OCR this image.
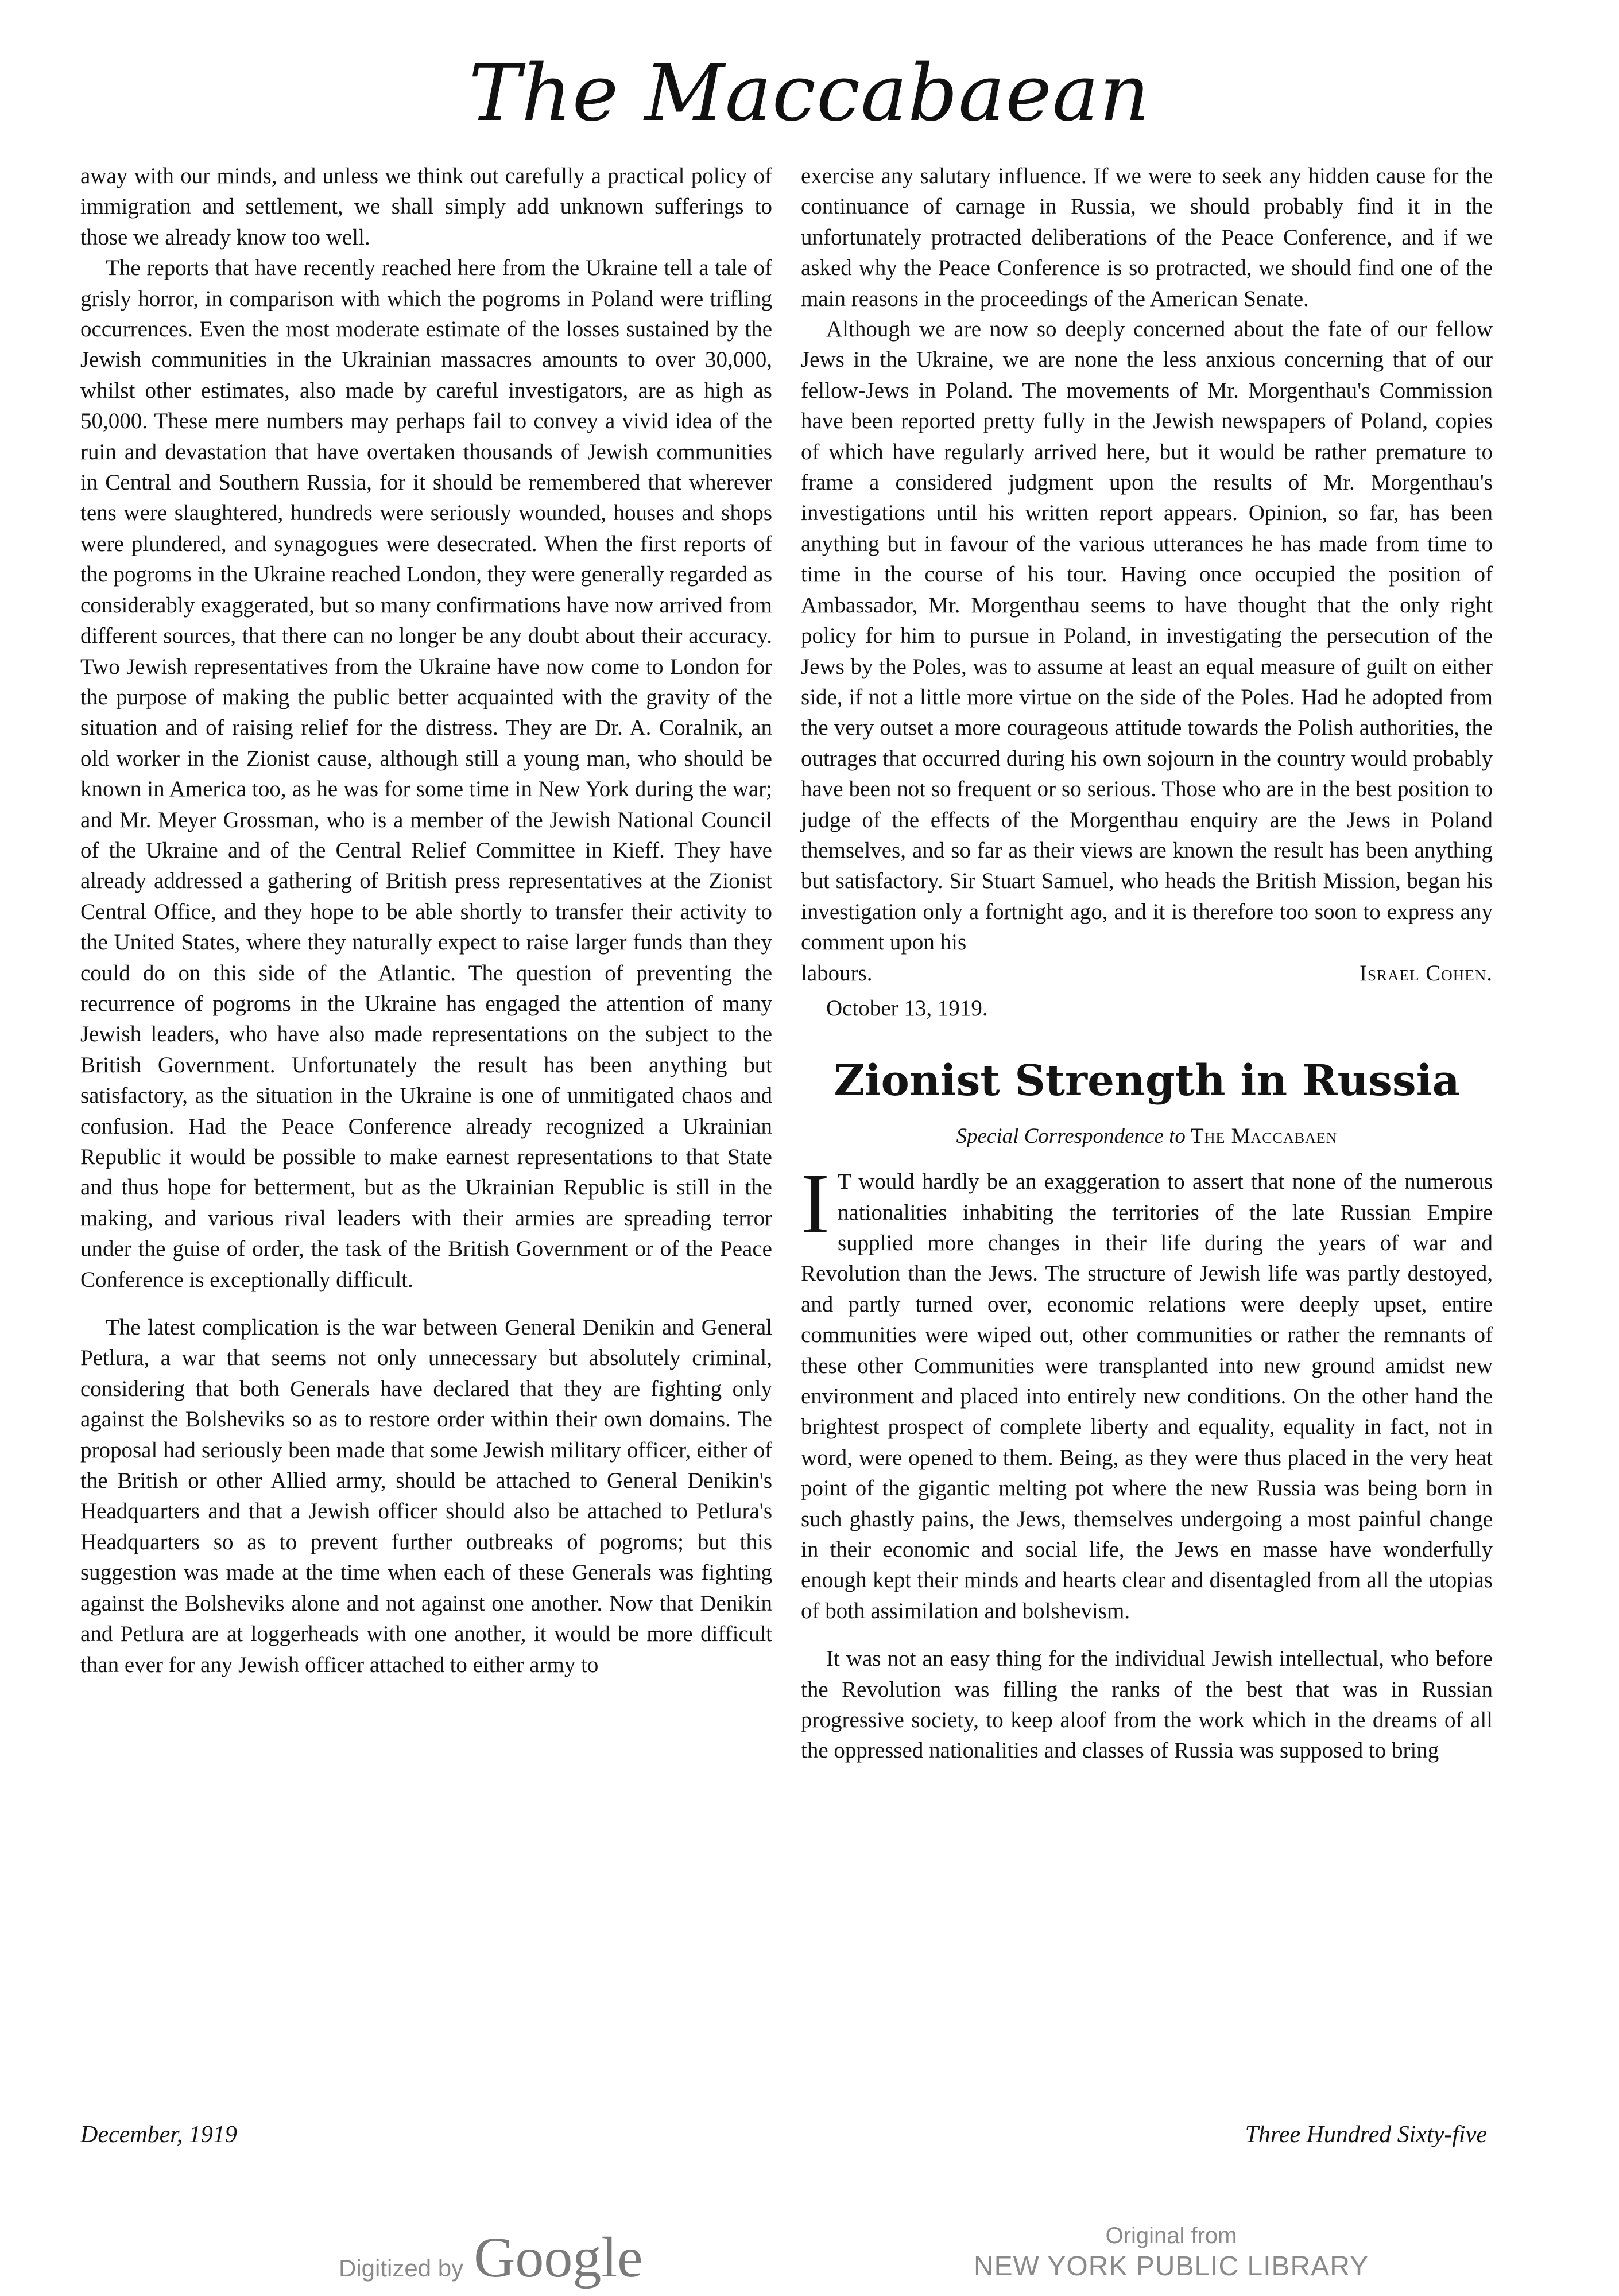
The Maccabaean

away with our minds, and unless we think out carefully a practical policy of immigration and settlement, we shall simply add unknown sufferings to those we already know too well.

The reports that have recently reached here from the Ukraine tell a tale of grisly horror, in comparison with which the pogroms in Poland were trifling occurrences. Even the most moderate estimate of the losses sustained by the Jewish communities in the Ukrainian massacres amounts to over 30,000, whilst other estimates, also made by careful investigators, are as high as 50,000. These mere numbers may perhaps fail to convey a vivid idea of the ruin and devastation that have overtaken thousands of Jewish communities in Central and Southern Russia, for it should be remembered that wherever tens were slaughtered, hundreds were seriously wounded, houses and shops were plundered, and synagogues were desecrated. When the first reports of the pogroms in the Ukraine reached London, they were generally regarded as considerably exaggerated, but so many confirmations have now arrived from different sources, that there can no longer be any doubt about their accuracy. Two Jewish representatives from the Ukraine have now come to London for the purpose of making the public better acquainted with the gravity of the situation and of raising relief for the distress. They are Dr. A. Coralnik, an old worker in the Zionist cause, although still a young man, who should be known in America too, as he was for some time in New York during the war; and Mr. Meyer Grossman, who is a member of the Jewish National Council of the Ukraine and of the Central Relief Committee in Kieff. They have already addressed a gathering of British press representatives at the Zionist Central Office, and they hope to be able shortly to transfer their activity to the United States, where they naturally expect to raise larger funds than they could do on this side of the Atlantic. The question of preventing the recurrence of pogroms in the Ukraine has engaged the attention of many Jewish leaders, who have also made representations on the subject to the British Government. Unfortunately the result has been anything but satisfactory, as the situation in the Ukraine is one of unmitigated chaos and confusion. Had the Peace Conference already recognized a Ukrainian Republic it would be possible to make earnest representations to that State and thus hope for betterment, but as the Ukrainian Republic is still in the making, and various rival leaders with their armies are spreading terror under the guise of order, the task of the British Government or of the Peace Conference is exceptionally difficult.

The latest complication is the war between General Denikin and General Petlura, a war that seems not only unnecessary but absolutely criminal, considering that both Generals have declared that they are fighting only against the Bolsheviks so as to restore order within their own domains. The proposal had seriously been made that some Jewish military officer, either of the British or other Allied army, should be attached to General Denikin's Headquarters and that a Jewish officer should also be attached to Petlura's Headquarters so as to prevent further outbreaks of pogroms; but this suggestion was made at the time when each of these Generals was fighting against the Bolsheviks alone and not against one another. Now that Denikin and Petlura are at loggerheads with one another, it would be more difficult than ever for any Jewish officer attached to either army to

exercise any salutary influence. If we were to seek any hidden cause for the continuance of carnage in Russia, we should probably find it in the unfortunately protracted deliberations of the Peace Conference, and if we asked why the Peace Conference is so protracted, we should find one of the main reasons in the proceedings of the American Senate.

Although we are now so deeply concerned about the fate of our fellow Jews in the Ukraine, we are none the less anxious concerning that of our fellow-Jews in Poland. The movements of Mr. Morgenthau's Commission have been reported pretty fully in the Jewish newspapers of Poland, copies of which have regularly arrived here, but it would be rather premature to frame a considered judgment upon the results of Mr. Morgenthau's investigations until his written report appears. Opinion, so far, has been anything but in favour of the various utterances he has made from time to time in the course of his tour. Having once occupied the position of Ambassador, Mr. Morgenthau seems to have thought that the only right policy for him to pursue in Poland, in investigating the persecution of the Jews by the Poles, was to assume at least an equal measure of guilt on either side, if not a little more virtue on the side of the Poles. Had he adopted from the very outset a more courageous attitude towards the Polish authorities, the outrages that occurred during his own sojourn in the country would probably have been not so frequent or so serious. Those who are in the best position to judge of the effects of the Morgenthau enquiry are the Jews in Poland themselves, and so far as their views are known the result has been anything but satisfactory. Sir Stuart Samuel, who heads the British Mission, began his investigation only a fortnight ago, and it is therefore too soon to express any comment upon his

labours.	Israel Cohen.
October 13, 1919.
Zionist Strength in Russia
Special Correspondence to The Maccabaen

I T would hardly be an exaggeration to assert that none of the numerous nationalities inhabiting the territories of the late Russian Empire supplied more changes in their life during the years of war and Revolution than the Jews. The structure of Jewish life was partly destoyed, and partly turned over, economic relations were deeply upset, entire communities were wiped out, other communities or rather the remnants of these other Communities were transplanted into new ground amidst new environment and placed into entirely new conditions. On the other hand the brightest prospect of complete liberty and equality, equality in fact, not in word, were opened to them. Being, as they were thus placed in the very heat point of the gigantic melting pot where the new Russia was being born in such ghastly pains, the Jews, themselves undergoing a most painful change in their economic and social life, the Jews en masse have wonderfully enough kept their minds and hearts clear and disentagled from all the utopias of both assimilation and bolshevism.

It was not an easy thing for the individual Jewish intellectual, who before the Revolution was filling the ranks of the best that was in Russian progressive society, to keep aloof from the work which in the dreams of all the oppressed nationalities and classes of Russia was supposed to bring

December, 1919	Three Hundred Sixty-five
Digitized by Google	Original from
NEW YORK PUBLIC LIBRARY
